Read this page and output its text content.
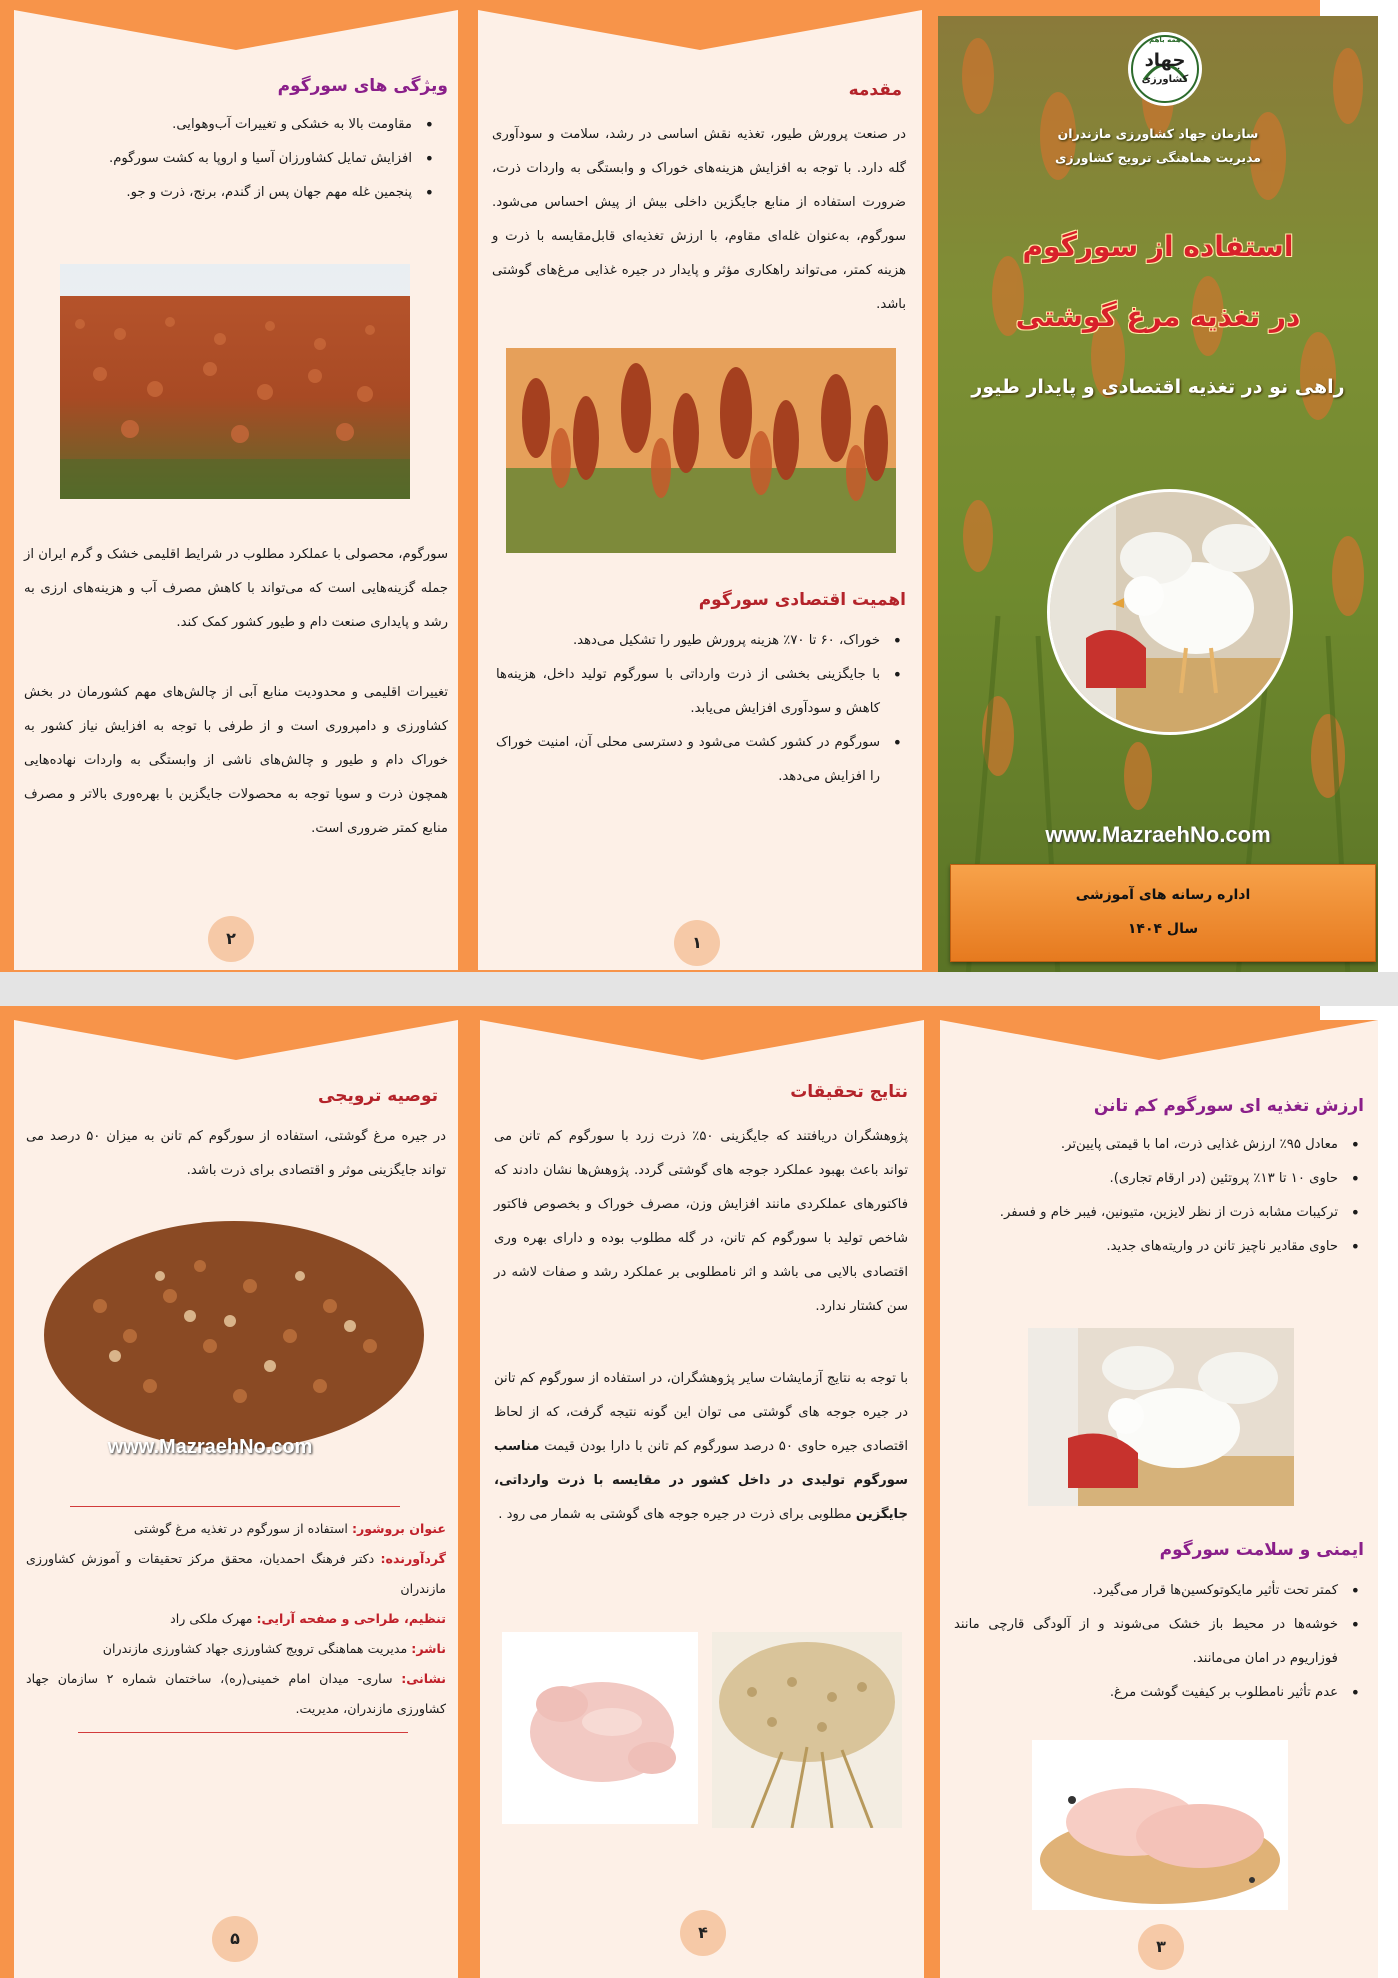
ویژگی های سورگوم
• مقاومت بالا به خشکی و تغییرات آب‌وهوایی.
• افزایش تمایل کشاورزان آسیا و اروپا به کشت سورگوم.
• پنجمین غله مهم جهان پس از گندم، برنج، ذرت و جو.
سورگوم، محصولی با عملکرد مطلوب در شرایط اقلیمی خشک و گرم ایران از جمله گزینه‌هایی است که می‌تواند با کاهش مصرف آب و هزینه‌های ارزی به رشد و پایداری صنعت دام و طیور کشور کمک کند.
تغییرات اقلیمی و محدودیت منابع آبی از چالش‌های مهم کشورمان در بخش کشاورزی و دامپروری است و از طرفی با توجه به افزایش نیاز کشور به خوراک دام و طیور و چالش‌های ناشی از وابستگی به واردات نهاده‌هایی همچون ذرت و سویا توجه به محصولات جایگزین با بهره‌وری بالاتر و مصرف منابع کمتر ضروری است.
۲
مقدمه
در صنعت پرورش طیور، تغذیه نقش اساسی در رشد، سلامت و سودآوری گله دارد. با توجه به افزایش هزینه‌های خوراک و وابستگی به واردات ذرت، ضرورت استفاده از منابع جایگزین داخلی بیش از پیش احساس می‌شود. سورگوم، به‌عنوان غله‌ای مقاوم، با ارزش تغذیه‌ای قابل‌مقایسه با ذرت و هزینه کمتر، می‌تواند راهکاری مؤثر و پایدار در جیره غذایی مرغ‌های گوشتی باشد.
اهمیت اقتصادی سورگوم
• خوراک، ۶۰ تا ۷۰٪ هزینه پرورش طیور را تشکیل می‌دهد.
• با جایگزینی بخشی از ذرت وارداتی با سورگوم تولید داخل، هزینه‌ها کاهش و سودآوری افزایش می‌یابد.
• سورگوم در کشور کشت می‌شود و دسترسی محلی آن، امنیت خوراک را افزایش می‌دهد.
۱
همه باهم
جهاد
کشاورزی
سازمان جهاد کشاورزی مازندران
مدیریت هماهنگی ترویج کشاورزی
استفاده از سورگوم
در تغذیه مرغ گوشتی
راهی نو در تغذیه اقتصادی و پایدار طیور
www.MazraehNo.com
اداره رسانه های آموزشی
سال ۱۴۰۴
توصیه ترویجی
در جیره مرغ گوشتی، استفاده از سورگوم کم تانن به میزان ۵۰ درصد می تواند جایگزینی موثر و اقتصادی برای ذرت باشد.
www.MazraehNo.com
عنوان بروشور: استفاده از سورگوم در تغذیه مرغ گوشتی
گردآورنده: دکتر فرهنگ احمدیان، محقق مرکز تحقیقات و آموزش کشاورزی مازندران
تنظیم، طراحی و صفحه آرایی: مهرک ملکی راد
ناشر: مدیریت هماهنگی ترویج کشاورزی جهاد کشاورزی مازندران
نشانی: ساری- میدان امام خمینی(ره)، ساختمان شماره ۲ سازمان جهاد کشاورزی مازندران، مدیریت.
۵
نتایج تحقیقات
پژوهشگران دریافتند که جایگزینی ۵۰٪ ذرت زرد با سورگوم کم تانن می تواند باعث بهبود عملکرد جوجه های گوشتی گردد. پژوهش‌ها نشان دادند که فاکتورهای عملکردی مانند افزایش وزن، مصرف خوراک و بخصوص فاکتور شاخص تولید با سورگوم کم تانن، در گله مطلوب بوده و دارای بهره وری اقتصادی بالایی می باشد و اثر نامطلوبی بر عملکرد رشد و صفات لاشه در سن کشتار ندارد.
با توجه به نتایج آزمایشات سایر پژوهشگران، در استفاده از سورگوم کم تانن در جیره جوجه های گوشتی می توان این گونه نتیجه گرفت، که از لحاظ اقتصادی جیره حاوی ۵۰ درصد سورگوم کم تانن با دارا بودن قیمت مناسب سورگوم تولیدی در داخل کشور در مقایسه با ذرت وارداتی، جایگزین مطلوبی برای ذرت در جیره جوجه های گوشتی به شمار می رود .
۴
ارزش تغذیه ای سورگوم کم تانن
• معادل ۹۵٪ ارزش غذایی ذرت، اما با قیمتی پایین‌تر.
• حاوی ۱۰ تا ۱۳٪ پروتئین (در ارقام تجاری).
• ترکیبات مشابه ذرت از نظر لایزین، متیونین، فیبر خام و فسفر.
• حاوی مقادیر ناچیز تانن در واریته‌های جدید.
ایمنی و سلامت سورگوم
• کمتر تحت تأثیر مایکوتوکسین‌ها قرار می‌گیرد.
• خوشه‌ها در محیط باز خشک می‌شوند و از آلودگی قارچی مانند فوزاریوم در امان می‌مانند.
• عدم تأثیر نامطلوب بر کیفیت گوشت مرغ.
۳
